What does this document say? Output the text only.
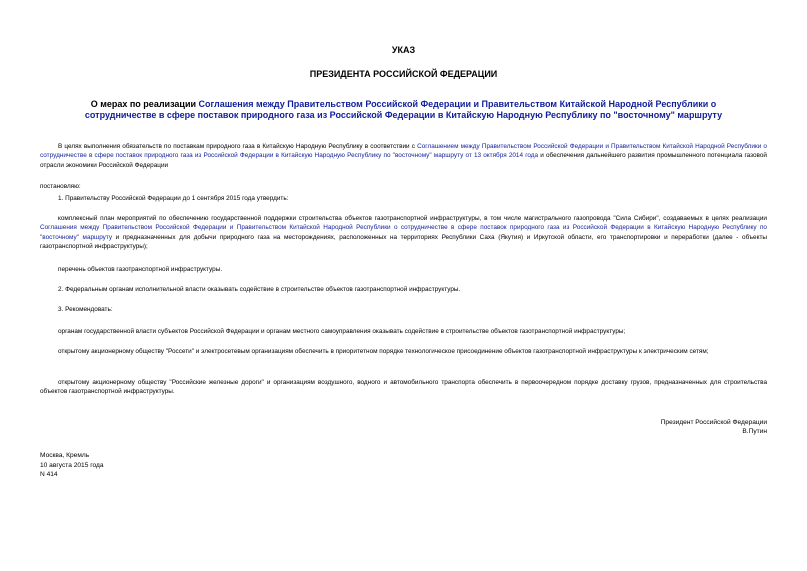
УКАЗ
ПРЕЗИДЕНТА РОССИЙСКОЙ ФЕДЕРАЦИИ
О мерах по реализации Соглашения между Правительством Российской Федерации и Правительством Китайской Народной Республики о сотрудничестве в сфере поставок природного газа из Российской Федерации в Китайскую Народную Республику по "восточному" маршруту
В целях выполнения обязательств по поставкам природного газа в Китайскую Народную Республику в соответствии с Соглашением между Правительством Российской Федерации и Правительством Китайской Народной Республики о сотрудничестве в сфере поставок природного газа из Российской Федерации в Китайскую Народную Республику по "восточному" маршруту от 13 октября 2014 года и обеспечения дальнейшего развития промышленного потенциала газовой отрасли экономики Российской Федерации
постановляю:
1. Правительству Российской Федерации до 1 сентября 2015 года утвердить:
комплексный план мероприятий по обеспечению государственной поддержки строительства объектов газотранспортной инфраструктуры, в том числе магистрального газопровода "Сила Сибири", создаваемых в целях реализации Соглашения между Правительством Российской Федерации и Правительством Китайской Народной Республики о сотрудничестве в сфере поставок природного газа из Российской Федерации в Китайскую Народную Республику по "восточному" маршруту и предназначенных для добычи природного газа на месторождениях, расположенных на территориях Республики Саха (Якутия) и Иркутской области, его транспортировки и переработки (далее - объекты газотранспортной инфраструктуры);
перечень объектов газотранспортной инфраструктуры.
2. Федеральным органам исполнительной власти оказывать содействие в строительстве объектов газотранспортной инфраструктуры.
3. Рекомендовать:
органам государственной власти субъектов Российской Федерации и органам местного самоуправления оказывать содействие в строительстве объектов газотранспортной инфраструктуры;
открытому акционерному обществу "Россети" и электросетевым организациям обеспечить в приоритетном порядке технологическое присоединение объектов газотранспортной инфраструктуры к электрическим сетям;
открытому акционерному обществу "Российские железные дороги" и организациям воздушного, водного и автомобильного транспорта обеспечить в первоочередном порядке доставку грузов, предназначенных для строительства объектов газотранспортной инфраструктуры.
Президент Российской Федерации
В.Путин
Москва, Кремль
10 августа 2015 года
N 414
